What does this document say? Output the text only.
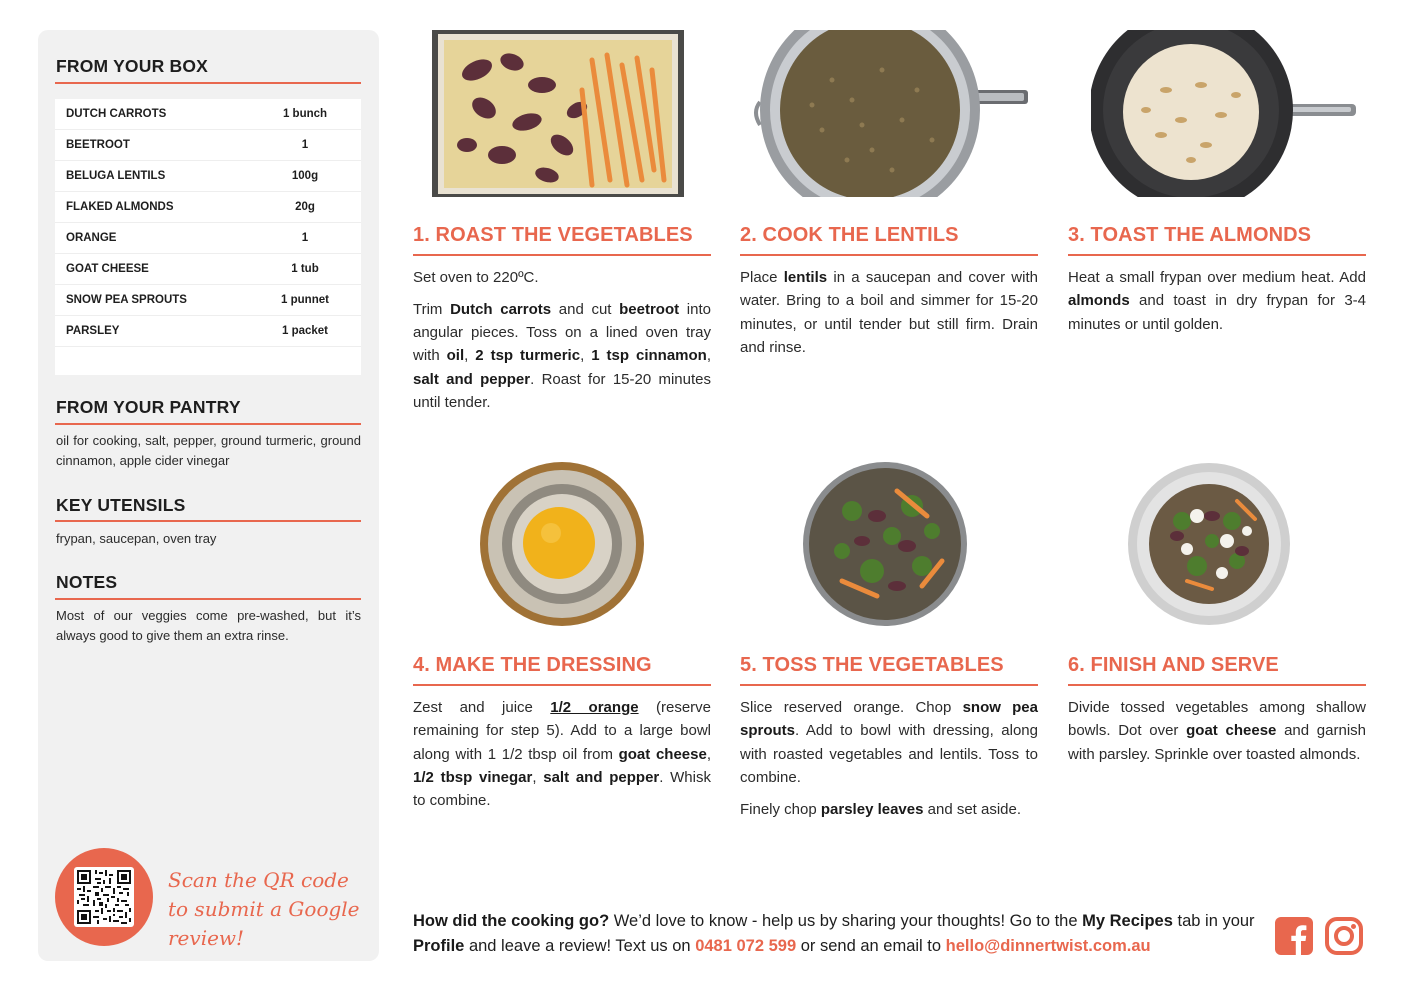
FROM YOUR BOX
DUTCH CARROTS	1 bunch
BEETROOT	1
BELUGA LENTILS	100g
FLAKED ALMONDS	20g
ORANGE	1
GOAT CHEESE	1 tub
SNOW PEA SPROUTS	1 punnet
PARSLEY	1 packet
FROM YOUR PANTRY
oil for cooking, salt, pepper, ground turmeric, ground cinnamon, apple cider vinegar
KEY UTENSILS
frypan, saucepan, oven tray
NOTES
Most of our veggies come pre-washed, but it’s always good to give them an extra rinse.
Scan the QR code to submit a Google review!
1. ROAST THE VEGETABLES

Set oven to 220ºC.

Trim Dutch carrots and cut beetroot into angular pieces. Toss on a lined oven tray with oil, 2 tsp turmeric, 1 tsp cinnamon, salt and pepper. Roast for 15-20 minutes until tender.

2. COOK THE LENTILS

Place lentils in a saucepan and cover with water. Bring to a boil and simmer for 15-20 minutes, or until tender but still firm. Drain and rinse.

3. TOAST THE ALMONDS

Heat a small frypan over medium heat. Add almonds and toast in dry frypan for 3-4 minutes or until golden.

4. MAKE THE DRESSING

Zest and juice 1/2 orange (reserve remaining for step 5). Add to a large bowl along with 1 1/2 tbsp oil from goat cheese, 1/2 tbsp vinegar, salt and pepper. Whisk to combine.

5. TOSS THE VEGETABLES

Slice reserved orange. Chop snow pea sprouts. Add to bowl with dressing, along with roasted vegetables and lentils. Toss to combine.

Finely chop parsley leaves and set aside.

6. FINISH AND SERVE

Divide tossed vegetables among shallow bowls. Dot over goat cheese and garnish with parsley. Sprinkle over toasted almonds.

How did the cooking go? We’d love to know - help us by sharing your thoughts! Go to the My Recipes tab in your Profile and leave a review! Text us on 0481 072 599 or send an email to hello@dinnertwist.com.au
